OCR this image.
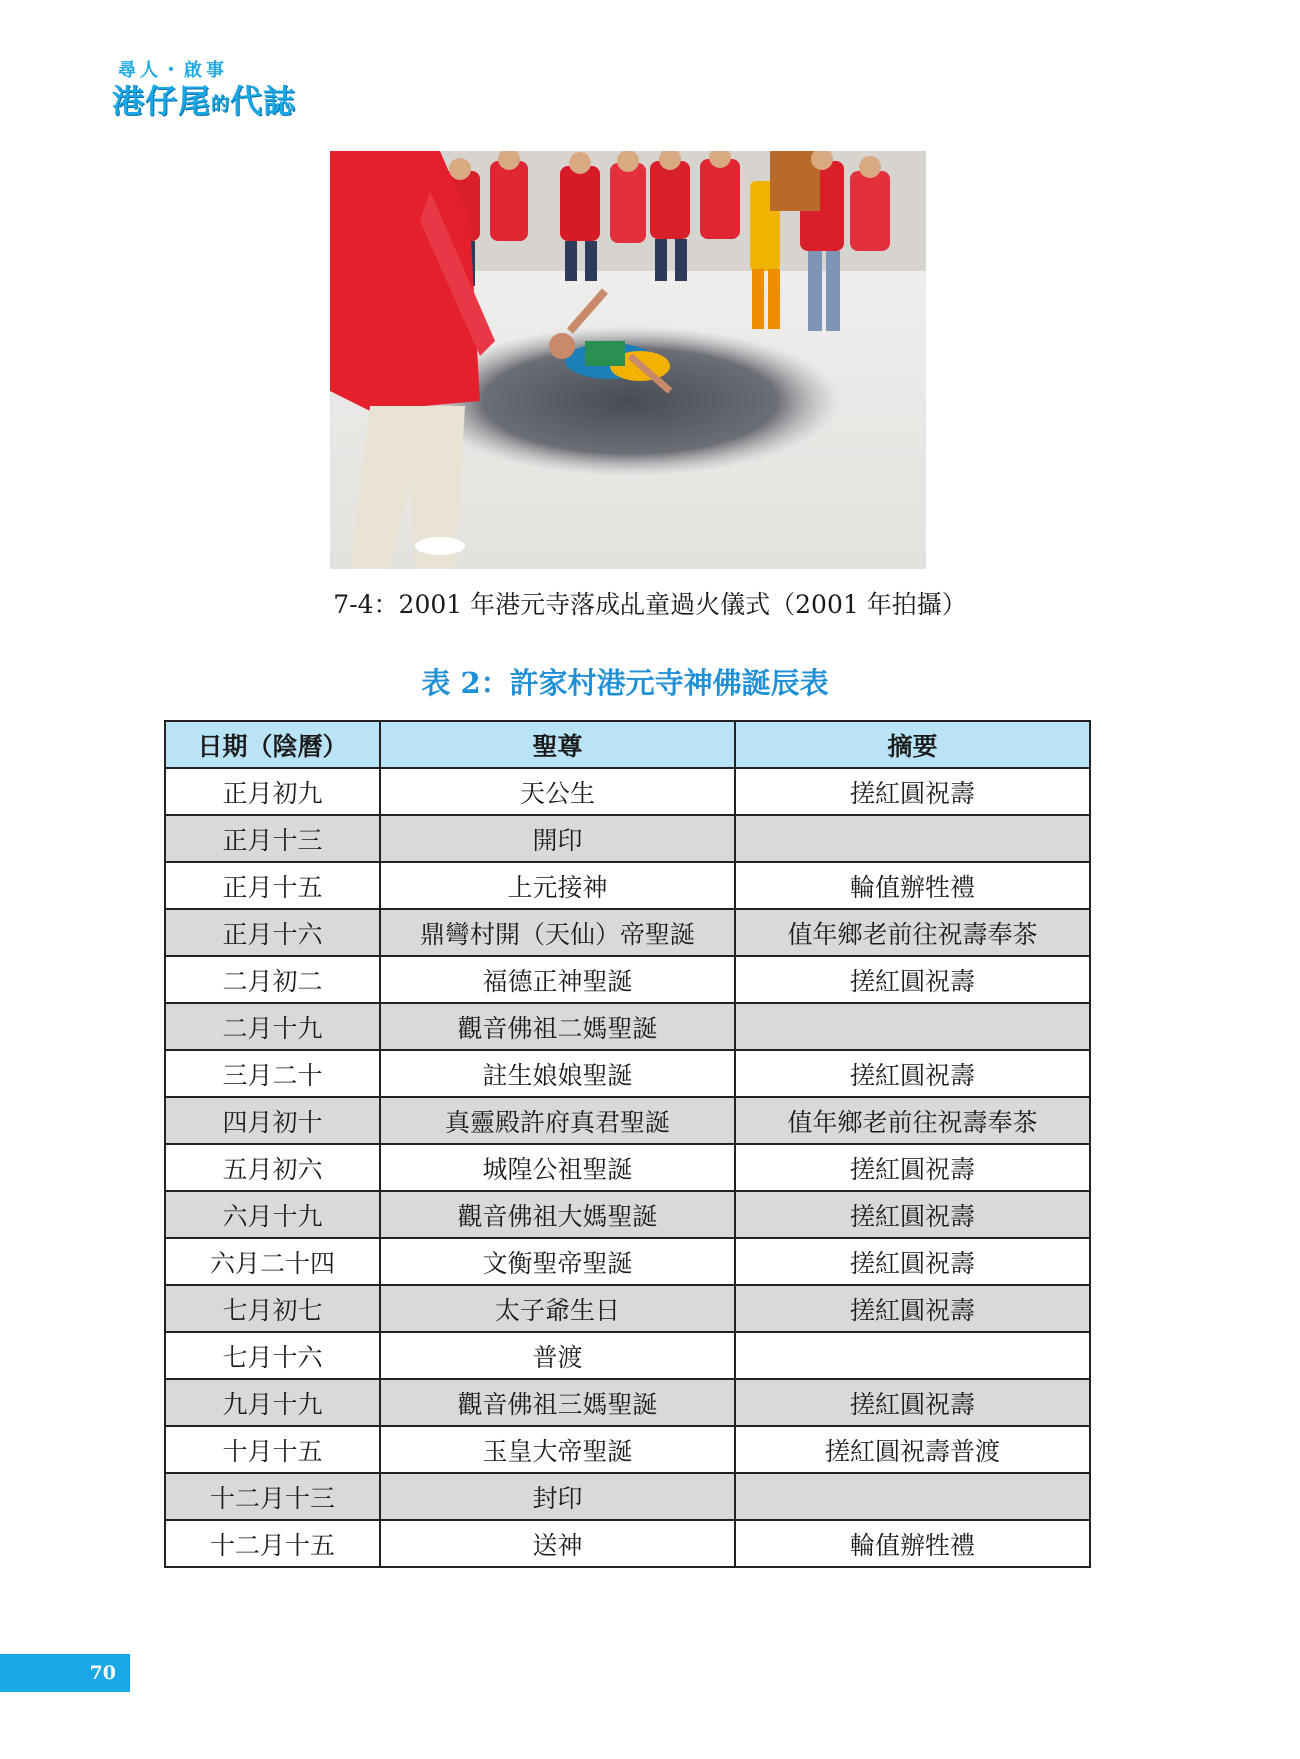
尋人・啟事
港仔尾的代誌
7-4：2001 年港元寺落成乩童過火儀式（2001 年拍攝）
表 2：許家村港元寺神佛誕辰表
日期（陰曆）	聖尊	摘要
正月初九	天公生	搓紅圓祝壽
正月十三	開印	
正月十五	上元接神	輪值辦牲禮
正月十六	鼎彎村開（天仙）帝聖誕	值年鄉老前往祝壽奉茶
二月初二	福德正神聖誕	搓紅圓祝壽
二月十九	觀音佛祖二媽聖誕	
三月二十	註生娘娘聖誕	搓紅圓祝壽
四月初十	真靈殿許府真君聖誕	值年鄉老前往祝壽奉茶
五月初六	城隍公祖聖誕	搓紅圓祝壽
六月十九	觀音佛祖大媽聖誕	搓紅圓祝壽
六月二十四	文衡聖帝聖誕	搓紅圓祝壽
七月初七	太子爺生日	搓紅圓祝壽
七月十六	普渡	
九月十九	觀音佛祖三媽聖誕	搓紅圓祝壽
十月十五	玉皇大帝聖誕	搓紅圓祝壽普渡
十二月十三	封印	
十二月十五	送神	輪值辦牲禮
70
